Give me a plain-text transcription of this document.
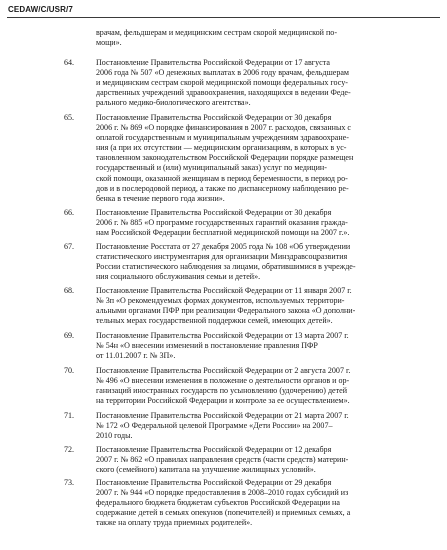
CEDAW/C/USR/7
врачам, фельдшерам и медицинским сестрам скорой медицинской по-
мощи».
64.	Постановление Правительства Российской Федерации от 17 августа
2006 года № 507 «О денежных выплатах в 2006 году врачам, фельдшерам
и медицинским сестрам скорой медицинской помощи федеральных госу-
дарственных учреждений здравоохранения, находящихся в ведении Феде-
рального медико-биологического агентства».
65.	Постановление Правительства Российской Федерации от 30 декабря
2006 г. № 869 «О порядке финансирования в 2007 г. расходов, связанных с
оплатой государственным и муниципальным учреждениям здравоохране-
ния (а при их отсутствии — медицинским организациям, в которых в ус-
тановленном законодательством Российской Федерации порядке размещен
государственный и (или) муниципальный заказ) услуг по медицин-
ской помощи, оказанной женщинам в период беременности, в период ро-
дов и в послеродовой период, а также по диспансерному наблюдению ре-
бенка в течение первого года жизни».
66.	Постановление Правительства Российской Федерации от 30 декабря
2006 г. № 885 «О программе государственных гарантий оказания гражда-
нам Российской Федерации бесплатной медицинской помощи на 2007 г.».
67.	Постановление Росстата от 27 декабря 2005 года № 108 «Об утверждении
статистического инструментария для организации Минздравсоцразвития
России статистического наблюдения за лицами, обратившимися в учрежде-
ния социального обслуживания семьи и детей».
68.	Постановление Правительства Российской Федерации от 11 января 2007 г.
№ 3п «О рекомендуемых формах документов, используемых территори-
альными органами ПФР при реализации Федерального закона «О дополни-
тельных мерах государственной поддержки семей, имеющих детей».
69.	Постановление Правительства Российской Федерации от 13 марта 2007 г.
№ 54н «О внесении изменений в постановление правления ПФР
от 11.01.2007 г. № 3П».
70.	Постановление Правительства Российской Федерации от 2 августа 2007 г.
№ 496 «О внесении изменения в положение о деятельности органов и ор-
ганизаций иностранных государств по усыновлению (удочерению) детей
на территории Российской Федерации и контроле за ее осуществлением».
71.	Постановление Правительства Российской Федерации от 21 марта 2007 г.
№ 172 «О Федеральной целевой Программе «Дети России» на 2007–
2010 годы.
72.	Постановление Правительства Российской Федерации от 12 декабря
2007 г. № 862 «О правилах направления средств (части средств) материн-
ского (семейного) капитала на улучшение жилищных условий».
73.	Постановление Правительства Российской Федерации от 29 декабря
2007 г. № 944 «О порядке предоставления в 2008–2010 годах субсидий из
федерального бюджета бюджетам субъектов Российской Федерации на
содержание детей в семьях опекунов (попечителей) и приемных семьях, а
также на оплату труда приемных родителей».
